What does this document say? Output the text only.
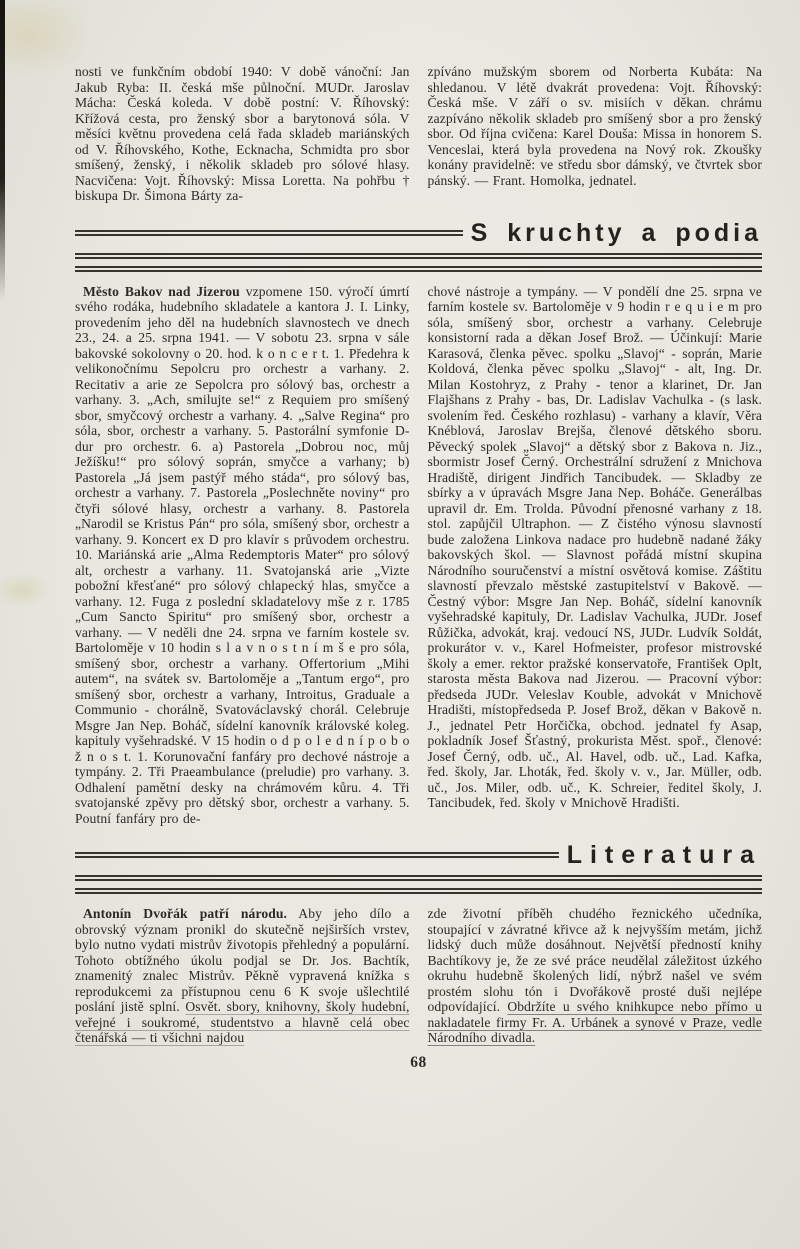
nosti ve funkčním období 1940: V době vánoční: Jan Jakub Ryba: II. česká mše půlnoční. MUDr. Jaroslav Mácha: Česká koleda. V době postní: V. Říhovský: Křížová cesta, pro ženský sbor a barytonová sóla. V měsíci květnu provedena celá řada skladeb mariánských od V. Říhovského, Kothe, Ecknacha, Schmidta pro sbor smíšený, ženský, i několik skladeb pro sólové hlasy. Nacvičena: Vojt. Říhovský: Missa Loretta. Na pohřbu † biskupa Dr. Šimona Bárty za-

zpíváno mužským sborem od Norberta Kubáta: Na shledanou. V létě dvakrát provedena: Vojt. Říhovský: Česká mše. V září o sv. misiích v děkan. chrámu zazpíváno několik skladeb pro smíšený sbor a pro ženský sbor. Od října cvičena: Karel Douša: Missa in honorem S. Venceslai, která byla provedena na Nový rok. Zkoušky konány pravidelně: ve středu sbor dámský, ve čtvrtek sbor pánský. — Frant. Homolka, jednatel.

S kruchty a podia

Město Bakov nad Jizerou vzpomene 150. výročí úmrtí svého rodáka, hudebního skladatele a kantora J. I. Linky, provedením jeho děl na hudebních slavnostech ve dnech 23., 24. a 25. srpna 1941. — V sobotu 23. srpna v sále bakovské sokolovny o 20. hod. k o n c e r t. 1. Předehra k velikonočnímu Sepolcru pro orchestr a varhany. 2. Recitativ a arie ze Sepolcra pro sólový bas, orchestr a varhany. 3. „Ach, smilujte se!“ z Requiem pro smíšený sbor, smyčcový orchestr a varhany. 4. „Salve Regina“ pro sóla, sbor, orchestr a varhany. 5. Pastorální symfonie D-dur pro orchestr. 6. a) Pastorela „Dobrou noc, můj Ježíšku!“ pro sólový soprán, smyčce a varhany; b) Pastorela „Já jsem pastýř mého stáda“, pro sólový bas, orchestr a varhany. 7. Pastorela „Poslechněte noviny“ pro čtyři sólové hlasy, orchestr a varhany. 8. Pastorela „Narodil se Kristus Pán“ pro sóla, smíšený sbor, orchestr a varhany. 9. Koncert ex D pro klavír s průvodem orchestru. 10. Mariánská arie „Alma Redemptoris Mater“ pro sólový alt, orchestr a varhany. 11. Svatojanská arie „Vizte pobožní křesťané“ pro sólový chlapecký hlas, smyčce a varhany. 12. Fuga z poslední skladatelovy mše z r. 1785 „Cum Sancto Spiritu“ pro smíšený sbor, orchestr a varhany. — V neděli dne 24. srpna ve farním kostele sv. Bartoloměje v 10 hodin s l a v n o s t n í m š e pro sóla, smíšený sbor, orchestr a varhany. Offertorium „Mihi autem“, na svátek sv. Bartoloměje a „Tantum ergo“, pro smíšený sbor, orchestr a varhany, Introitus, Graduale a Communio - chorálně, Svatováclavský chorál. Celebruje Msgre Jan Nep. Boháč, sídelní kanovník královské koleg. kapituly vyšehradské. V 15 hodin o d p o l e d n í p o b o ž n o s t. 1. Korunovační fanfáry pro dechové nástroje a tympány. 2. Tři Praeambulance (preludie) pro varhany. 3. Odhalení pamětní desky na chrámovém kůru. 4. Tři svatojanské zpěvy pro dětský sbor, orchestr a varhany. 5. Poutní fanfáry pro de-

chové nástroje a tympány. — V pondělí dne 25. srpna ve farním kostele sv. Bartoloměje v 9 hodin r e q u i e m pro sóla, smíšený sbor, orchestr a varhany. Celebruje konsistorní rada a děkan Josef Brož. — Účinkují: Marie Karasová, členka pěvec. spolku „Slavoj“ - soprán, Marie Koldová, členka pěvec spolku „Slavoj“ - alt, Ing. Dr. Milan Kostohryz, z Prahy - tenor a klarinet, Dr. Jan Flajšhans z Prahy - bas, Dr. Ladislav Vachulka - (s lask. svolením řed. Českého rozhlasu) - varhany a klavír, Věra Knéblová, Jaroslav Brejša, členové dětského sboru. Pěvecký spolek „Slavoj“ a dětský sbor z Bakova n. Jiz., sbormistr Josef Černý. Orchestrální sdružení z Mnichova Hradiště, dirigent Jindřich Tancibudek. — Skladby ze sbírky a v úpravách Msgre Jana Nep. Boháče. Generálbas upravil dr. Em. Trolda. Původní přenosné varhany z 18. stol. zapůjčil Ultraphon. — Z čistého výnosu slavností bude založena Linkova nadace pro hudebně nadané žáky bakovských škol. — Slavnost pořádá místní skupina Národního souručenství a místní osvětová komise. Záštitu slavností převzalo městské zastupitelství v Bakově. — Čestný výbor: Msgre Jan Nep. Boháč, sídelní kanovník vyšehradské kapituly, Dr. Ladislav Vachulka, JUDr. Josef Růžička, advokát, kraj. vedoucí NS, JUDr. Ludvík Soldát, prokurátor v. v., Karel Hofmeister, profesor mistrovské školy a emer. rektor pražské konservatoře, František Oplt, starosta města Bakova nad Jizerou. — Pracovní výbor: předseda JUDr. Veleslav Kouble, advokát v Mnichově Hradišti, místopředseda P. Josef Brož, děkan v Bakově n. J., jednatel Petr Horčička, obchod. jednatel fy Asap, pokladník Josef Šťastný, prokurista Měst. spoř., členové: Josef Černý, odb. uč., Al. Havel, odb. uč., Lad. Kafka, řed. školy, Jar. Lhoták, řed. školy v. v., Jar. Müller, odb. uč., Jos. Miler, odb. uč., K. Schreier, ředitel školy, J. Tancibudek, řed. školy v Mnichově Hradišti.

Literatura

Antonín Dvořák patří národu. Aby jeho dílo a obrovský význam pronikl do skutečně nejširších vrstev, bylo nutno vydati mistrův životopis přehledný a populární. Tohoto obtížného úkolu podjal se Dr. Jos. Bachtík, znamenitý znalec Mistrův. Pěkně vypravená knížka s reprodukcemi za přístupnou cenu 6 K svoje ušlechtilé poslání jistě splní. Osvět. sbory, knihovny, školy hudební, veřejné i soukromé, studentstvo a hlavně celá obec čtenářská — ti všichni najdou

zde životní příběh chudého řeznického učedníka, stoupající v závratné křivce až k nejvyšším metám, jichž lidský duch může dosáhnout. Největší předností knihy Bachtíkovy je, že ze své práce neudělal záležitost úzkého okruhu hudebně školených lidí, nýbrž našel ve svém prostém slohu tón i Dvořákově prosté duši nejlépe odpovídající. Obdržíte u svého knihkupce nebo přímo u nakladatele firmy Fr. A. Urbánek a synové v Praze, vedle Národního divadla.

68
